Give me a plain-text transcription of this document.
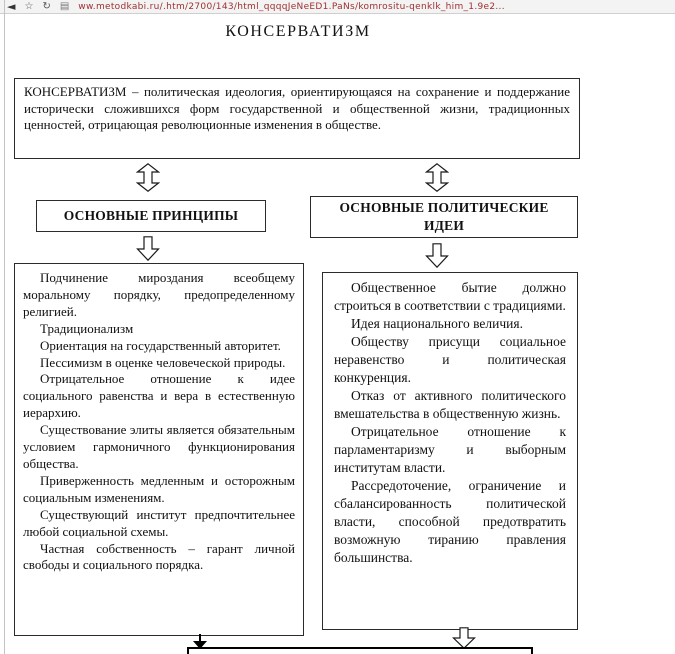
◄ ☆ ↻ ▤ ww.metodkabi.ru/.htm/2700/143/html_qqqqJeNeED1.PaNs/komrositu-qenklk_him_1.9e2...
КОНСЕРВАТИЗМ
КОНСЕРВАТИЗМ – политическая идеология, ориентирующаяся на сохранение и поддержание исторически сложившихся форм государственной и общественной жизни, традиционных ценностей, отрицающая революционные изменения в обществе.
ОСНОВНЫЕ ПРИНЦИПЫ
ОСНОВНЫЕ ПОЛИТИЧЕСКИЕ ИДЕИ

Подчинение мироздания всеобщему моральному порядку, предопределенному религией.

Традиционализм

Ориентация на государственный авторитет.

Пессимизм в оценке человеческой природы.

Отрицательное отношение к идее социального равенства и вера в естественную иерархию.

Существование элиты является обязательным условием гармоничного функционирования общества.

Приверженность медленным и осторожным социальным изменениям.

Существующий институт предпочтительнее любой социальной схемы.

Частная собственность – гарант личной свободы и социального порядка.

Общественное бытие должно строиться в соответствии с традициями.

Идея национального величия.

Обществу присущи социальное неравенство и политическая конкуренция.

Отказ от активного политического вмешательства в общественную жизнь.

Отрицательное отношение к парламентаризму и выборным институтам власти.

Рассредоточение, ограничение и сбалансированность политической власти, способной предотвратить возможную тиранию правления большинства.
